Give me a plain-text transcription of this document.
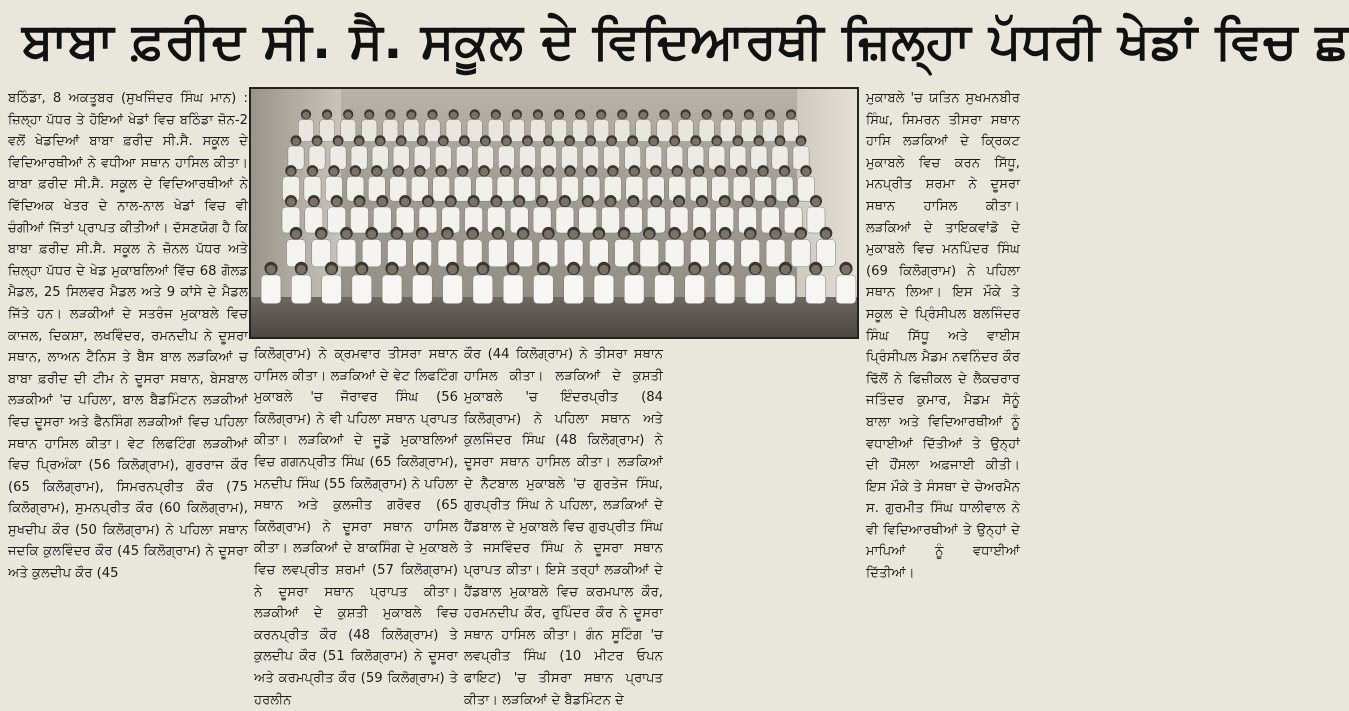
ਬਾਬਾ ਫ਼ਰੀਦ ਸੀ. ਸੈ. ਸਕੂਲ ਦੇ ਵਿਦਿਆਰਥੀ ਜ਼ਿਲ੍ਹਾ ਪੱਧਰੀ ਖੇਡਾਂ ਵਿਚ ਛ

ਬਠਿੰਡਾ, 8 ਅਕਤੂਬਰ (ਸੁਖਜਿੰਦਰ ਸਿੰਘ ਮਾਨ) : ਜ਼ਿਲ੍ਹਾ ਪੱਧਰ ਤੇ ਹੋਇਆਂ ਖੇਡਾਂ ਵਿਚ ਬਠਿੰਡਾ ਜ਼ੋਨ-2 ਵਲੋਂ ਖੇਡਦਿਆਂ ਬਾਬਾ ਫ਼ਰੀਦ ਸੀ.ਸੈ. ਸਕੂਲ ਦੇ ਵਿਦਿਆਰਥੀਆਂ ਨੇ ਵਧੀਆ ਸਥਾਨ ਹਾਸਿਲ ਕੀਤਾ। ਬਾਬਾ ਫ਼ਰੀਦ ਸੀ.ਸੈ. ਸਕੂਲ ਦੇ ਵਿਦਿਆਰਥੀਆਂ ਨੇ ਵਿੱਦਿਅਕ ਖੇਤਰ ਦੇ ਨਾਲ-ਨਾਲ ਖੇਡਾਂ ਵਿਚ ਵੀ ਚੰਗੀਆਂ ਜਿੱਤਾਂ ਪ੍ਰਾਪਤ ਕੀਤੀਆਂ। ਦੱਸਣਯੋਗ ਹੈ ਕਿ ਬਾਬਾ ਫ਼ਰੀਦ ਸੀ.ਸੈ. ਸਕੂਲ ਨੇ ਜ਼ੋਨਲ ਪੱਧਰ ਅਤੇ ਜ਼ਿਲ੍ਹਾ ਪੱਧਰ ਦੇ ਖੇਡ ਮੁਕਾਬਲਿਆਂ ਵਿੱਚ 68 ਗੋਲਡ ਮੈਡਲ, 25 ਸਿਲਵਰ ਮੈਡਲ ਅਤੇ 9 ਕਾਂਸੇ ਦੇ ਮੈਡਲ ਜਿੱਤੇ ਹਨ। ਲੜਕੀਆਂ ਦੇ ਸਤਰੰਜ ਮੁਕਾਬਲੇ ਵਿਚ ਕਾਜਲ, ਦਿਕਸ਼ਾ, ਲਖਵਿੰਦਰ, ਰਮਨਦੀਪ ਨੇ ਦੂਸਰਾ ਸਥਾਨ, ਲਾਅਨ ਟੈਨਿਸ ਤੇ ਬੈਸ ਬਾਲ ਲੜਕਿਆਂ ਚ ਬਾਬਾ ਫ਼ਰੀਦ ਦੀ ਟੀਮ ਨੇ ਦੂਸਰਾ ਸਥਾਨ, ਬੇਸਬਾਲ ਲੜਕੀਆਂ 'ਚ ਪਹਿਲਾ, ਬਾਲ ਬੈਡਮਿੰਟਨ ਲੜਕੀਆਂ ਵਿਚ ਦੂਸਰਾ ਅਤੇ ਫੈਨਸਿੰਗ ਲੜਕੀਆਂ ਵਿਚ ਪਹਿਲਾ ਸਥਾਨ ਹਾਸਿਲ ਕੀਤਾ। ਵੇਟ ਲਿਫਟਿੰਗ ਲੜਕੀਆਂ ਵਿਚ ਪ੍ਰਿਅੰਕਾ (56 ਕਿਲੋਗ੍ਰਾਮ), ਗੁਰਰਾਜ ਕੌਰ (65 ਕਿਲੋਗ੍ਰਾਮ), ਸਿਮਰਨਪ੍ਰੀਤ ਕੌਰ (75 ਕਿਲੋਗ੍ਰਾਮ), ਸੁਮਨਪ੍ਰੀਤ ਕੌਰ (60 ਕਿਲੋਗ੍ਰਾਮ), ਸੁਖਦੀਪ ਕੌਰ (50 ਕਿਲੋਗ੍ਰਾਮ) ਨੇ ਪਹਿਲਾ ਸਥਾਨ ਜਦਕਿ ਕੁਲਵਿੰਦਰ ਕੌਰ (45 ਕਿਲੋਗ੍ਰਾਮ) ਨੇ ਦੂਸਰਾ ਅਤੇ ਕੁਲਦੀਪ ਕੌਰ (45

ਕਿਲੋਗ੍ਰਾਮ) ਨੇ ਕ੍ਰਮਵਾਰ ਤੀਸਰਾ ਸਥਾਨ ਹਾਸਿਲ ਕੀਤਾ। ਲੜਕਿਆਂ ਦੇ ਵੇਟ ਲਿਫਟਿੰਗ ਮੁਕਾਬਲੇ 'ਚ ਜੋਰਾਵਰ ਸਿੰਘ (56 ਕਿਲੋਗ੍ਰਾਮ) ਨੇ ਵੀ ਪਹਿਲਾ ਸਥਾਨ ਪ੍ਰਾਪਤ ਕੀਤਾ। ਲੜਕਿਆਂ ਦੇ ਜੂਡੋ ਮੁਕਾਬਲਿਆਂ ਵਿਚ ਗਗਨਪ੍ਰੀਤ ਸਿੰਘ (65 ਕਿਲੋਗ੍ਰਾਮ), ਮਨਦੀਪ ਸਿੰਘ (55 ਕਿਲੋਗ੍ਰਾਮ) ਨੇ ਪਹਿਲਾ ਸਥਾਨ ਅਤੇ ਕੁਲਜੀਤ ਗਰੋਵਰ (65 ਕਿਲੋਗ੍ਰਾਮ) ਨੇ ਦੂਸਰਾ ਸਥਾਨ ਹਾਸਿਲ ਕੀਤਾ। ਲੜਕਿਆਂ ਦੇ ਬਾਕਸਿੰਗ ਦੇ ਮੁਕਾਬਲੇ ਵਿਚ ਲਵਪ੍ਰੀਤ ਸ਼ਰਮਾਂ (57 ਕਿਲੋਗ੍ਰਾਮ) ਨੇ ਦੂਸਰਾ ਸਥਾਨ ਪ੍ਰਾਪਤ ਕੀਤਾ। ਲੜਕੀਆਂ ਦੇ ਕੁਸ਼ਤੀ ਮੁਕਾਬਲੇ ਵਿਚ ਕਰਨਪ੍ਰੀਤ ਕੌਰ (48 ਕਿਲੋਗ੍ਰਾਮ) ਤੇ ਕੁਲਦੀਪ ਕੌਰ (51 ਕਿਲੋਗ੍ਰਾਮ) ਨੇ ਦੂਸਰਾ ਅਤੇ ਕਰਮਪ੍ਰੀਤ ਕੌਰ (59 ਕਿਲੋਗ੍ਰਾਮ) ਤੇ ਹਰਲੀਨ

ਕੌਰ (44 ਕਿਲੋਗ੍ਰਾਮ) ਨੇ ਤੀਸਰਾ ਸਥਾਨ ਹਾਸਿਲ ਕੀਤਾ। ਲੜਕਿਆਂ ਦੇ ਕੁਸ਼ਤੀ ਮੁਕਾਬਲੇ 'ਚ ਇੰਦਰਪ੍ਰੀਤ (84 ਕਿਲੋਗ੍ਰਾਮ) ਨੇ ਪਹਿਲਾ ਸਥਾਨ ਅਤੇ ਕੁਲਜਿੰਦਰ ਸਿੰਘ (48 ਕਿਲੋਗ੍ਰਾਮ) ਨੇ ਦੂਸਰਾ ਸਥਾਨ ਹਾਸਿਲ ਕੀਤਾ। ਲੜਕਿਆਂ ਦੇ ਨੈੱਟਬਾਲ ਮੁਕਾਬਲੇ 'ਚ ਗੁਰਤੇਜ ਸਿੰਘ, ਗੁਰਪ੍ਰੀਤ ਸਿੰਘ ਨੇ ਪਹਿਲਾ, ਲੜਕਿਆਂ ਦੇ ਹੈਂਡਬਾਲ ਦੇ ਮੁਕਾਬਲੇ ਵਿਚ ਗੁਰਪ੍ਰੀਤ ਸਿੰਘ ਤੇ ਜਸਵਿੰਦਰ ਸਿੰਘ ਨੇ ਦੂਸਰਾ ਸਥਾਨ ਪ੍ਰਾਪਤ ਕੀਤਾ। ਇਸੇ ਤਰ੍ਹਾਂ ਲੜਕੀਆਂ ਦੇ ਹੈਂਡਬਾਲ ਮੁਕਾਬਲੇ ਵਿਚ ਕਰਮਪਾਲ ਕੌਰ, ਹਰਮਨਦੀਪ ਕੌਰ, ਰੁਪਿੰਦਰ ਕੌਰ ਨੇ ਦੂਸਰਾ ਸਥਾਨ ਹਾਸਿਲ ਕੀਤਾ। ਗੰਨ ਸੂਟਿੰਗ 'ਚ ਲਵਪ੍ਰੀਤ ਸਿੰਘ (10 ਮੀਟਰ ਓਪਨ ਫਾਇਟ) 'ਚ ਤੀਸਰਾ ਸਥਾਨ ਪ੍ਰਾਪਤ ਕੀਤਾ। ਲੜਕਿਆਂ ਦੇ ਬੈਡਮਿੰਟਨ ਦੇ

ਮੁਕਾਬਲੇ 'ਚ ਯਤਿਨ ਸੁਖਮਨਬੀਰ ਸਿੰਘ, ਸਿਮਰਨ ਤੀਸਰਾ ਸਥਾਨ ਹਾਸਿ ਲੜਕਿਆਂ ਦੇ ਕ੍ਰਿਕਟ ਮੁਕਾਬਲੇ ਵਿਚ ਕਰਨ ਸਿੱਧੂ, ਮਨਪ੍ਰੀਤ ਸ਼ਰਮਾ ਨੇ ਦੂਸਰਾ ਸਥਾਨ ਹਾਸਿਲ ਕੀਤਾ। ਲੜਕਿਆਂ ਦੇ ਤਾਇਕਵਾਂਡੋ ਦੇ ਮੁਕਾਬਲੇ ਵਿਚ ਮਨਪਿੰਦਰ ਸਿੰਘ (69 ਕਿਲੋਗ੍ਰਾਮ) ਨੇ ਪਹਿਲਾ ਸਥਾਨ ਲਿਆ। ਇਸ ਮੌਕੇ ਤੇ ਸਕੂਲ ਦੇ ਪ੍ਰਿੰਸੀਪਲ ਬਲਜਿੰਦਰ ਸਿੰਘ ਸਿੱਧੂ ਅਤੇ ਵਾਈਸ ਪ੍ਰਿੰਸੀਪਲ ਮੈਡਮ ਨਵਨਿੰਦਰ ਕੌਰ ਢਿੱਲੋਂ ਨੇ ਫਿਜ਼ੀਕਲ ਦੇ ਲੈਕਚਰਾਰ ਜਤਿੰਦਰ ਕੁਮਾਰ, ਮੈਡਮ ਸੋਨੂੰ ਬਾਲਾ ਅਤੇ ਵਿਦਿਆਰਥੀਆਂ ਨੂੰ ਵਧਾਈਆਂ ਦਿੱਤੀਆਂ ਤੇ ਉਨ੍ਹਾਂ ਦੀ ਹੌਂਸਲਾ ਅਫ਼ਜਾਈ ਕੀਤੀ। ਇਸ ਮੌਕੇ ਤੇ ਸੰਸਥਾ ਦੇ ਚੇਅਰਮੈਨ ਸ. ਗੁਰਮੀਤ ਸਿੰਘ ਧਾਲੀਵਾਲ ਨੇ ਵੀ ਵਿਦਿਆਰਥੀਆਂ ਤੇ ਉਨ੍ਹਾਂ ਦੇ ਮਾਪਿਆਂ ਨੂੰ ਵਧਾਈਆਂ ਦਿੱਤੀਆਂ।
